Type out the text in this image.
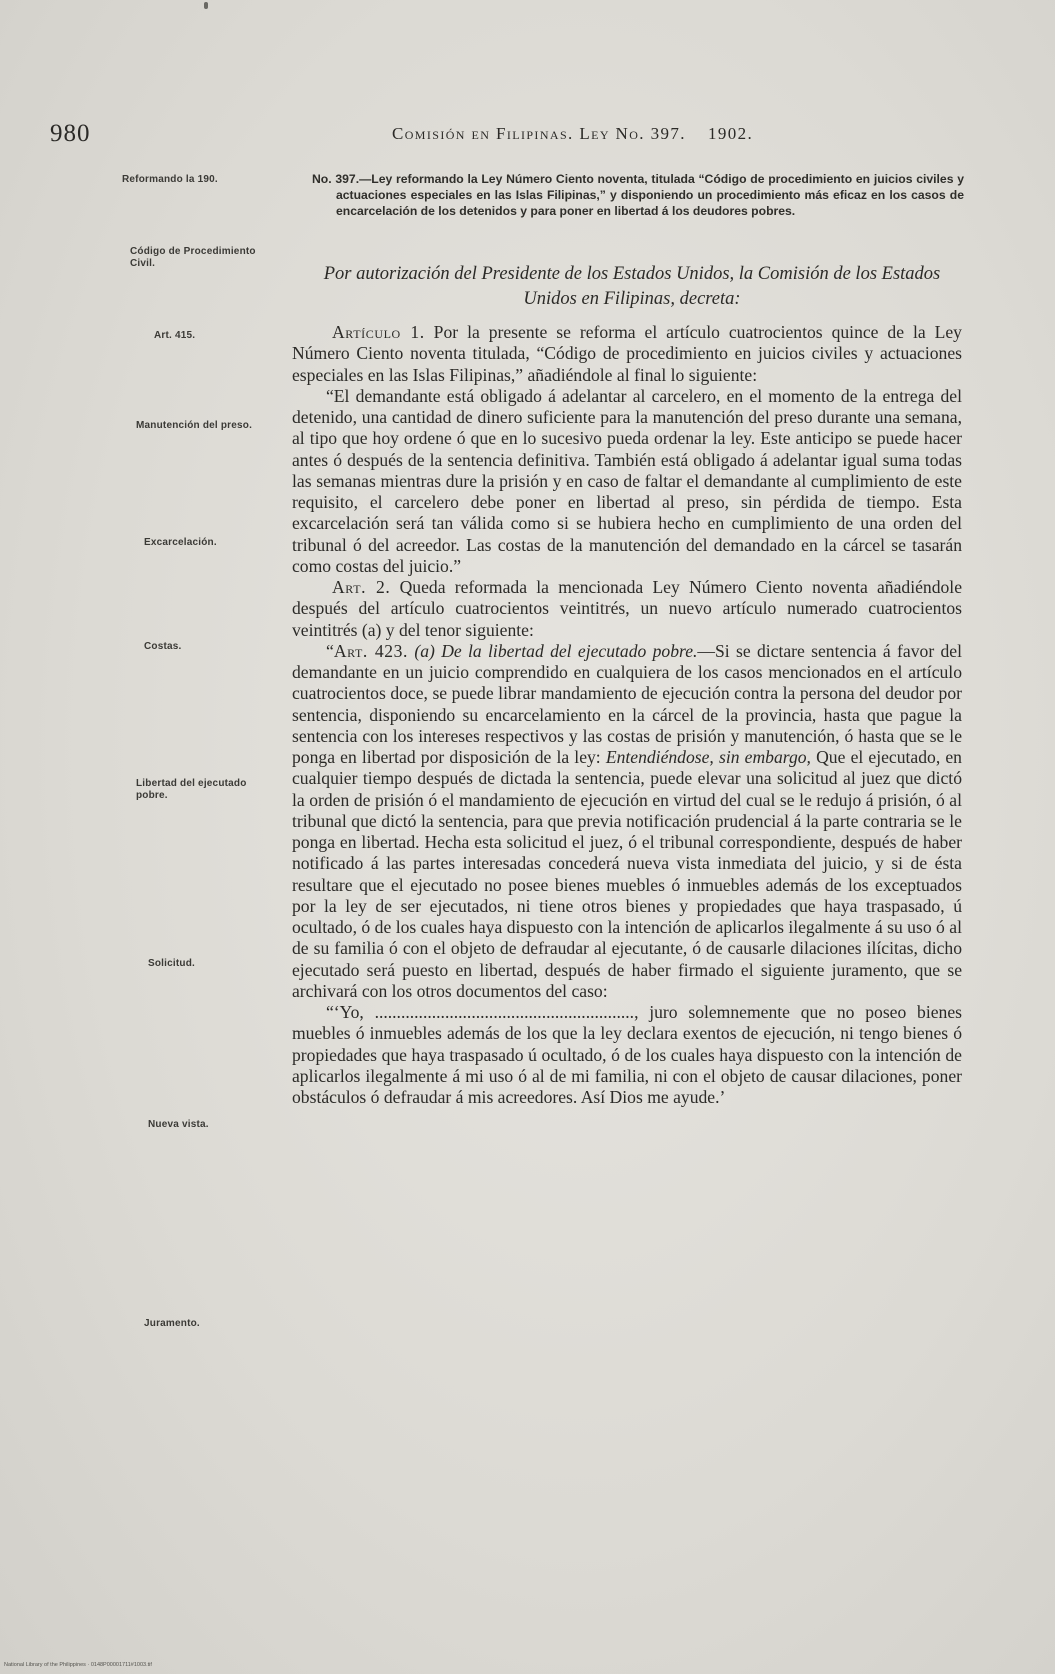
980	Comisión en Filipinas. Ley No. 397. 1902.
Reformando la 190.
Código de Procedimiento Civil.
Art. 415.
Manutención del preso.
Excarcelación.
Costas.
Libertad del ejecutado pobre.
Solicitud.
Nueva vista.
Juramento.
No. 397.—Ley reformando la Ley Número Ciento noventa, titulada “Código de procedimiento en juicios civiles y actuaciones especiales en las Islas Filipinas,” y disponiendo un procedimiento más eficaz en los casos de encarcelación de los detenidos y para poner en libertad á los deudores pobres.
Por autorización del Presidente de los Estados Unidos, la Comisión de los Estados Unidos en Filipinas, decreta:

Artículo 1. Por la presente se reforma el artículo cuatrocientos quince de la Ley Número Ciento noventa titulada, “Código de procedimiento en juicios civiles y actuaciones especiales en las Islas Filipinas,” añadiéndole al final lo siguiente:

“El demandante está obligado á adelantar al carcelero, en el momento de la entrega del detenido, una cantidad de dinero suficiente para la manutención del preso durante una semana, al tipo que hoy ordene ó que en lo sucesivo pueda ordenar la ley. Este anticipo se puede hacer antes ó después de la sentencia definitiva. También está obligado á adelantar igual suma todas las semanas mientras dure la prisión y en caso de faltar el demandante al cumplimiento de este requisito, el carcelero debe poner en libertad al preso, sin pérdida de tiempo. Esta excarcelación será tan válida como si se hubiera hecho en cumplimiento de una orden del tribunal ó del acreedor. Las costas de la manutención del demandado en la cárcel se tasarán como costas del juicio.”

Art. 2. Queda reformada la mencionada Ley Número Ciento noventa añadiéndole después del artículo cuatrocientos veintitrés, un nuevo artículo numerado cuatrocientos veintitrés (a) y del tenor siguiente:

“Art. 423. (a) De la libertad del ejecutado pobre.—Si se dictare sentencia á favor del demandante en un juicio comprendido en cualquiera de los casos mencionados en el artículo cuatrocientos doce, se puede librar mandamiento de ejecución contra la persona del deudor por sentencia, disponiendo su encarcelamiento en la cárcel de la provincia, hasta que pague la sentencia con los intereses respectivos y las costas de prisión y manutención, ó hasta que se le ponga en libertad por disposición de la ley: Entendiéndose, sin embargo, Que el ejecutado, en cualquier tiempo después de dictada la sentencia, puede elevar una solicitud al juez que dictó la orden de prisión ó el mandamiento de ejecución en virtud del cual se le redujo á prisión, ó al tribunal que dictó la sentencia, para que previa notificación prudencial á la parte contraria se le ponga en libertad. Hecha esta solicitud el juez, ó el tribunal correspondiente, después de haber notificado á las partes interesadas concederá nueva vista inmediata del juicio, y si de ésta resultare que el ejecutado no posee bienes muebles ó inmuebles además de los exceptuados por la ley de ser ejecutados, ni tiene otros bienes y propiedades que haya traspasado, ú ocultado, ó de los cuales haya dispuesto con la intención de aplicarlos ilegalmente á su uso ó al de su familia ó con el objeto de defraudar al ejecutante, ó de causarle dilaciones ilícitas, dicho ejecutado será puesto en libertad, después de haber firmado el siguiente juramento, que se archivará con los otros documentos del caso:

“‘Yo, ..........................................................., juro solemnemente que no poseo bienes muebles ó inmuebles además de los que la ley declara exentos de ejecución, ni tengo bienes ó propiedades que haya traspasado ú ocultado, ó de los cuales haya dispuesto con la intención de aplicarlos ilegalmente á mi uso ó al de mi familia, ni con el objeto de causar dilaciones, poner obstáculos ó defraudar á mis acreedores. Así Dios me ayude.’

National Library of the Philippines · 0148P00001711#1003.tif
